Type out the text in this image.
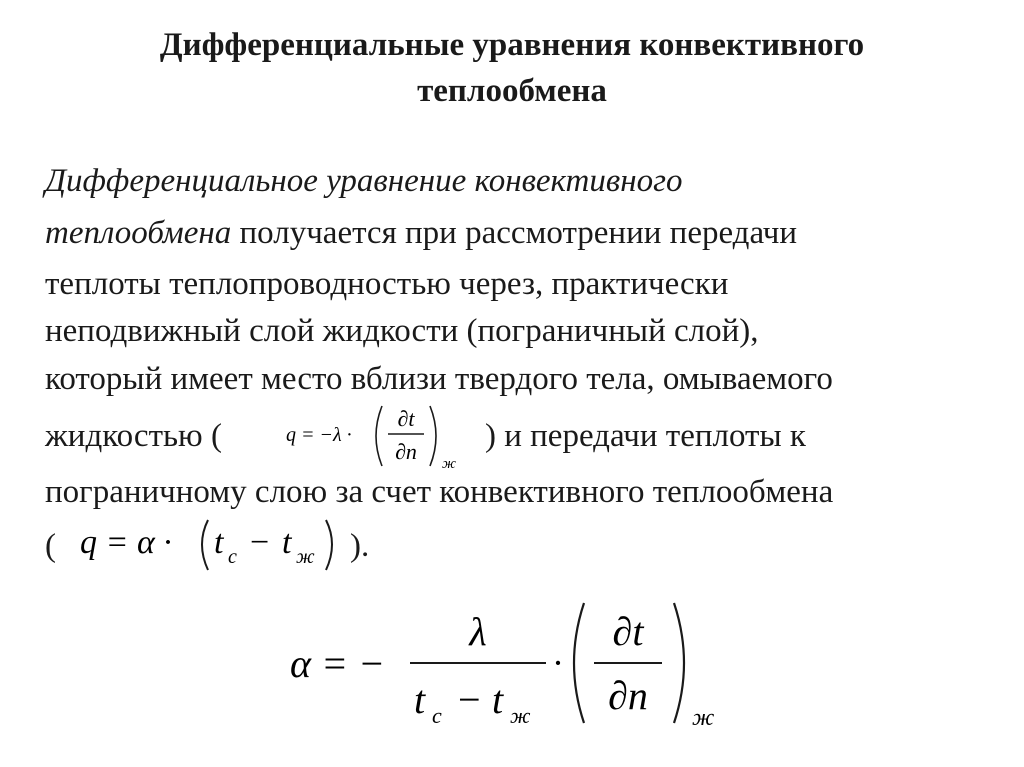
Дифференциальные уравнения конвективного
теплообмена
Дифференциальное уравнение конвективного
теплообмена получается при рассмотрении передачи
теплоты теплопроводностью через, практически
неподвижный слой жидкости (пограничный слой),
который имеет место вблизи твердого тела, омываемого
жидкостью (	q = −λ ·
∂t
∂n ж
) и передачи теплоты к
пограничному слою за счет конвективного теплообмена
( q = α · t с − t ж ).
α = −
λ
t с − t ж
·
∂t
∂n ж
